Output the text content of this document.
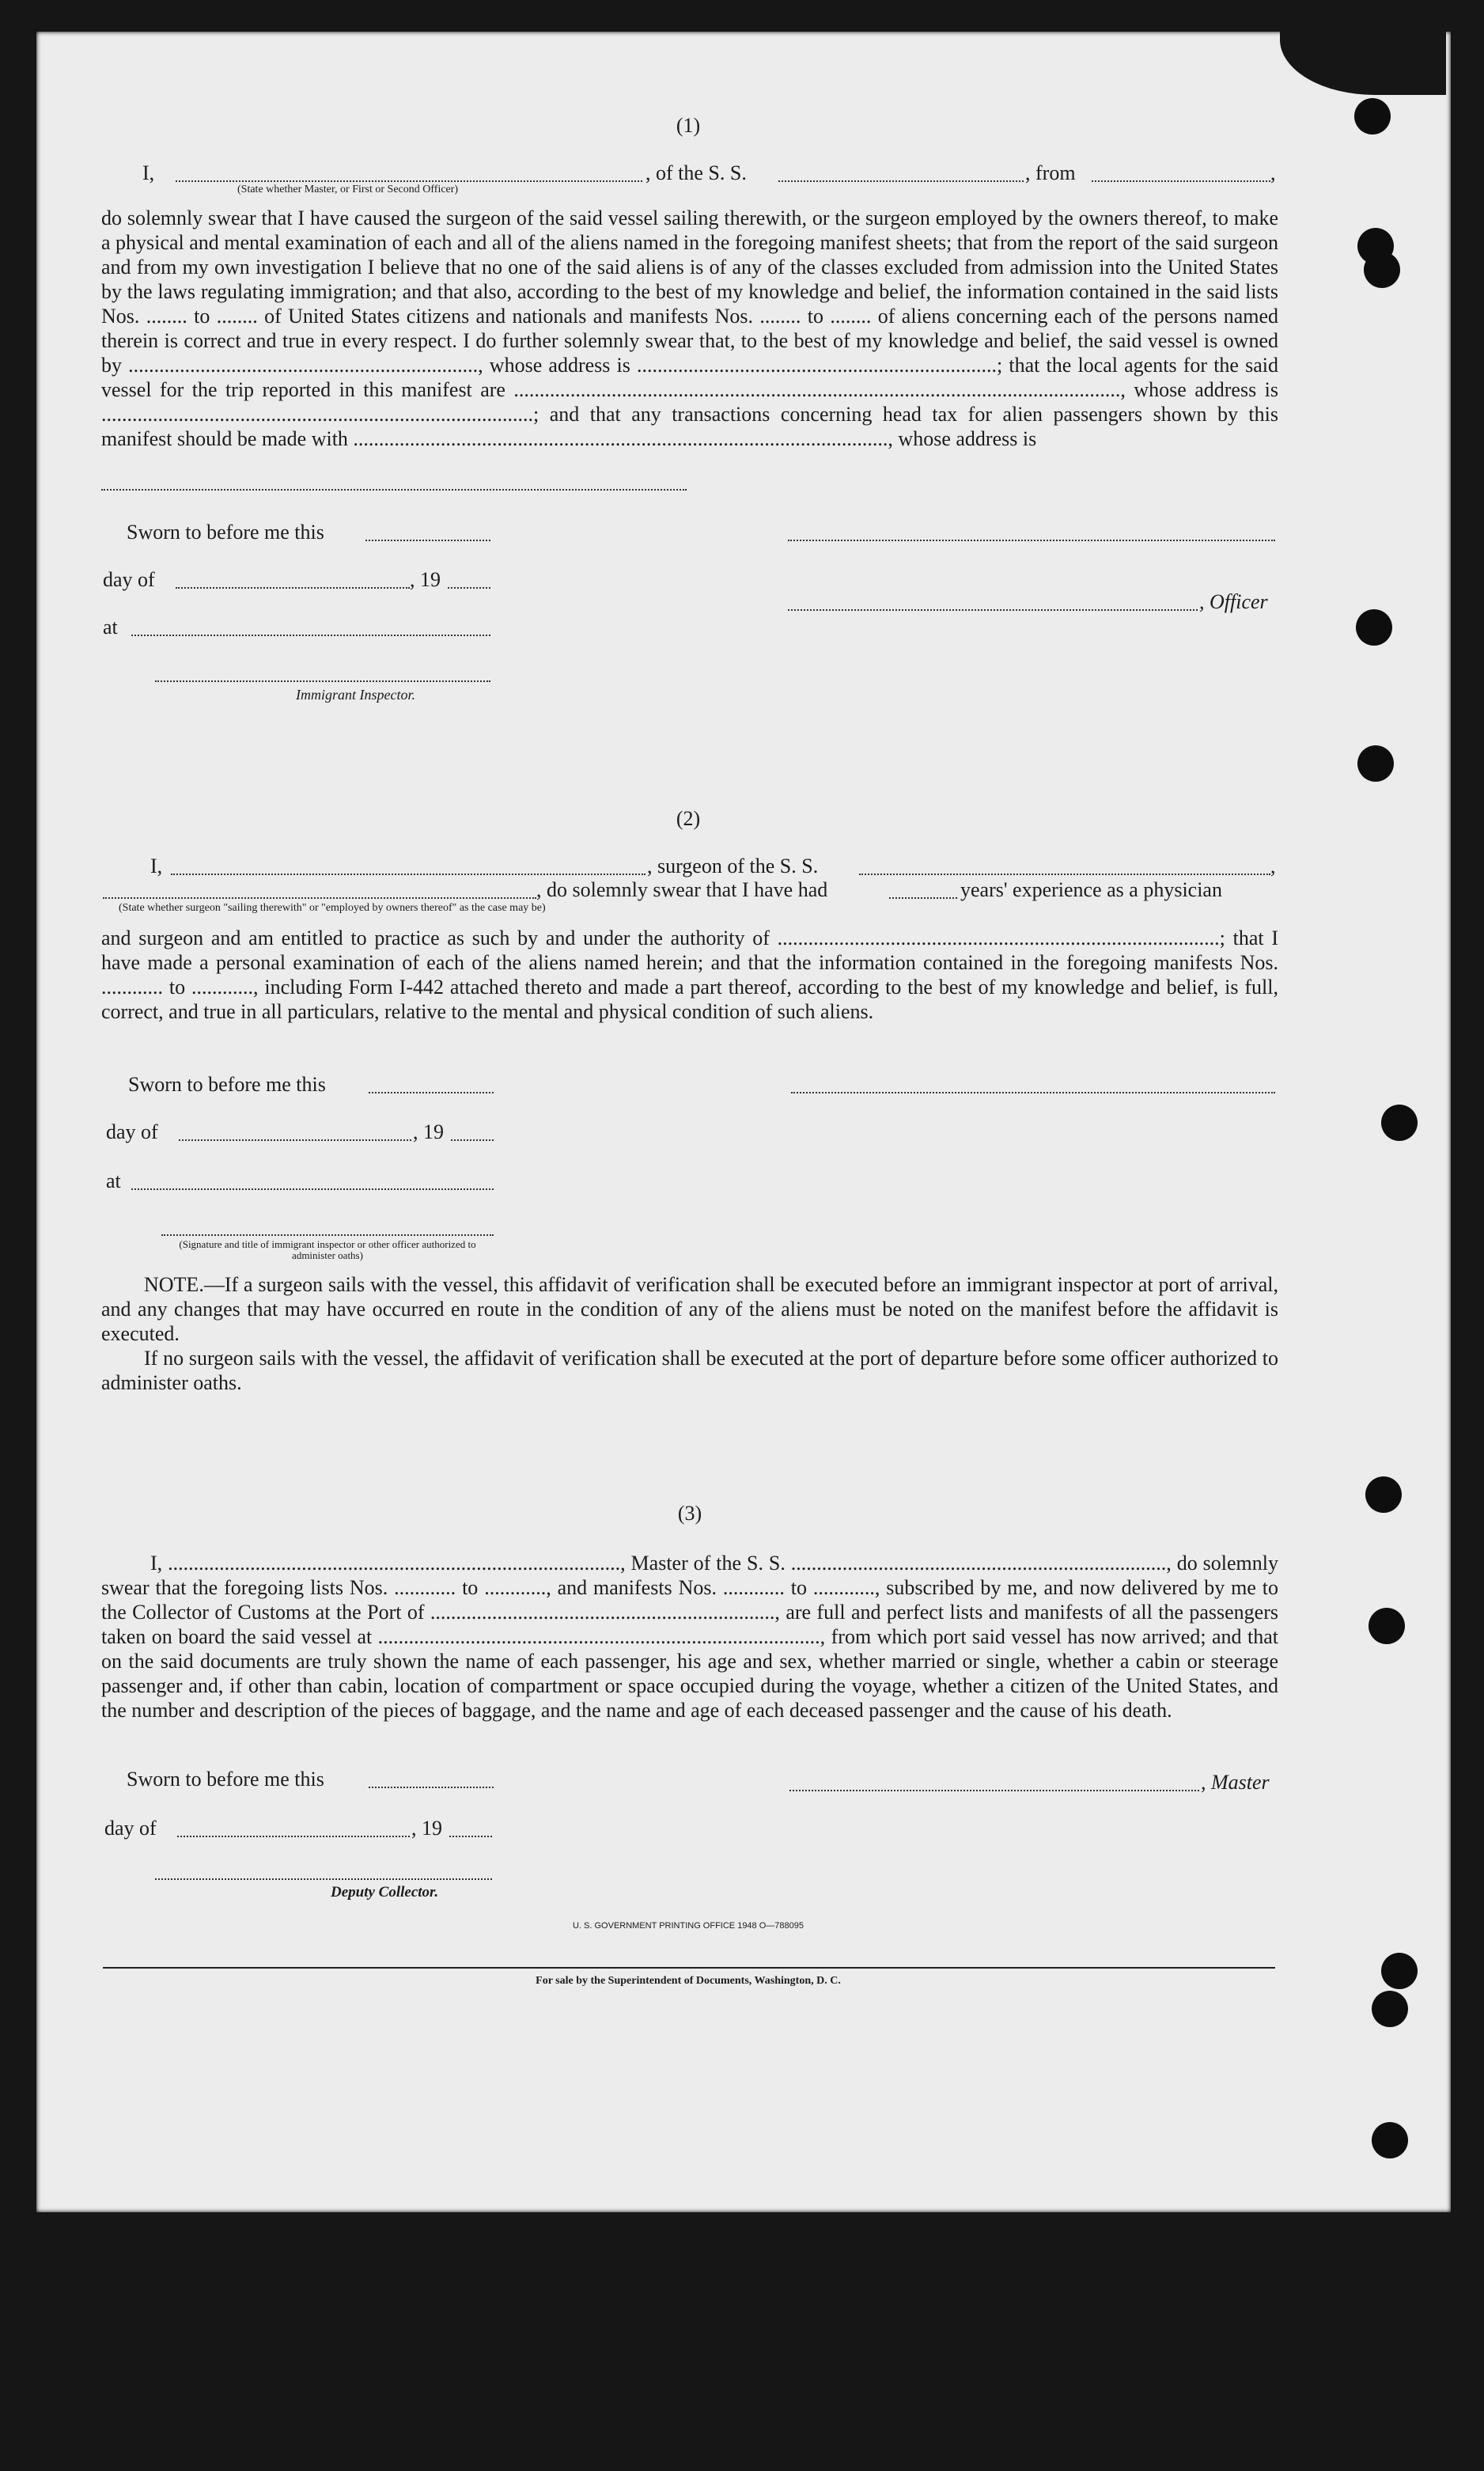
(1)
I,	, of the S. S.	, from	,
(State whether Master, or First or Second Officer)

do solemnly swear that I have caused the surgeon of the said vessel sailing therewith, or the surgeon employed by the owners thereof, to make a physical and mental examination of each and all of the aliens named in the foregoing manifest sheets; that from the report of the said surgeon and from my own investigation I believe that no one of the said aliens is of any of the classes excluded from admission into the United States by the laws regulating immigration; and that also, according to the best of my knowledge and belief, the information contained in the said lists Nos. ........ to ........ of United States citizens and nationals and manifests Nos. ........ to ........ of aliens concerning each of the persons named therein is correct and true in every respect. I do further solemnly swear that, to the best of my knowledge and belief, the said vessel is owned by ...................................................................., whose address is ......................................................................; that the local agents for the said vessel for the trip reported in this manifest are ......................................................................................................................, whose address is ....................................................................................; and that any transactions concerning head tax for alien passengers shown by this manifest should be made with ........................................................................................................, whose address is

Sworn to before me this
day of	, 19
, Officer
at
Immigrant Inspector.
(2)
I,	, surgeon of the S. S.	,
, do solemnly swear that I have had	years' experience as a physician
(State whether surgeon "sailing therewith" or "employed by owners thereof" as the case may be)

and surgeon and am entitled to practice as such by and under the authority of ......................................................................................; that I have made a personal examination of each of the aliens named herein; and that the information contained in the foregoing manifests Nos. ............ to ............, including Form I-442 attached thereto and made a part thereof, according to the best of my knowledge and belief, is full, correct, and true in all particulars, relative to the mental and physical condition of such aliens.

Sworn to before me this
day of	, 19
at
(Signature and title of immigrant inspector or other officer authorized to administer oaths)

NOTE.—If a surgeon sails with the vessel, this affidavit of verification shall be executed before an immigrant inspector at port of arrival, and any changes that may have occurred en route in the condition of any of the aliens must be noted on the manifest before the affidavit is executed.

If no surgeon sails with the vessel, the affidavit of verification shall be executed at the port of departure before some officer authorized to administer oaths.

(3)

I, ........................................................................................, Master of the S. S. ........................................................................., do solemnly swear that the foregoing lists Nos. ............ to ............, and manifests Nos. ............ to ............, subscribed by me, and now delivered by me to the Collector of Customs at the Port of ..................................................................., are full and perfect lists and manifests of all the passengers taken on board the said vessel at ......................................................................................, from which port said vessel has now arrived; and that on the said documents are truly shown the name of each passenger, his age and sex, whether married or single, whether a cabin or steerage passenger and, if other than cabin, location of compartment or space occupied during the voyage, whether a citizen of the United States, and the number and description of the pieces of baggage, and the name and age of each deceased passenger and the cause of his death.

Sworn to before me this	, Master
day of	, 19
Deputy Collector.
U. S. GOVERNMENT PRINTING OFFICE 1948 O—788095
For sale by the Superintendent of Documents, Washington, D. C.
